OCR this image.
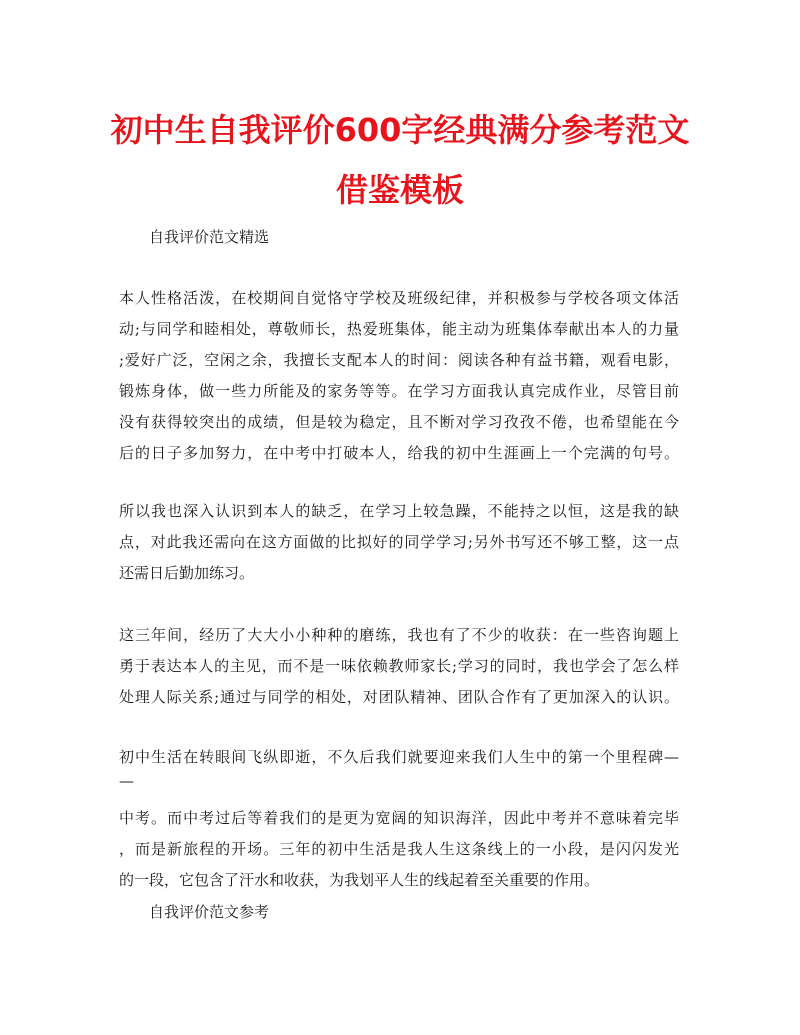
初中生自我评价600字经典满分参考范文
借鉴模板

自我评价范文精选

本人性格活泼，在校期间自觉恪守学校及班级纪律，并积极参与学校各项文体活

动;与同学和睦相处，尊敬师长，热爱班集体，能主动为班集体奉献出本人的力量

;爱好广泛，空闲之余，我擅长支配本人的时间：阅读各种有益书籍，观看电影，

锻炼身体，做一些力所能及的家务等等。在学习方面我认真完成作业，尽管目前

没有获得较突出的成绩，但是较为稳定，且不断对学习孜孜不倦，也希望能在今

后的日子多加努力，在中考中打破本人，给我的初中生涯画上一个完满的句号。

所以我也深入认识到本人的缺乏，在学习上较急躁，不能持之以恒，这是我的缺

点，对此我还需向在这方面做的比拟好的同学学习;另外书写还不够工整，这一点

还需日后勤加练习。

这三年间，经历了大大小小种种的磨练，我也有了不少的收获：在一些咨询题上

勇于表达本人的主见，而不是一味依赖教师家长;学习的同时，我也学会了怎么样

处理人际关系;通过与同学的相处，对团队精神、团队合作有了更加深入的认识。

初中生活在转眼间飞纵即逝，不久后我们就要迎来我们人生中的第一个里程碑—

—

中考。而中考过后等着我们的是更为宽阔的知识海洋，因此中考并不意味着完毕

，而是新旅程的开场。三年的初中生活是我人生这条线上的一小段，是闪闪发光

的一段，它包含了汗水和收获，为我划平人生的线起着至关重要的作用。

自我评价范文参考
